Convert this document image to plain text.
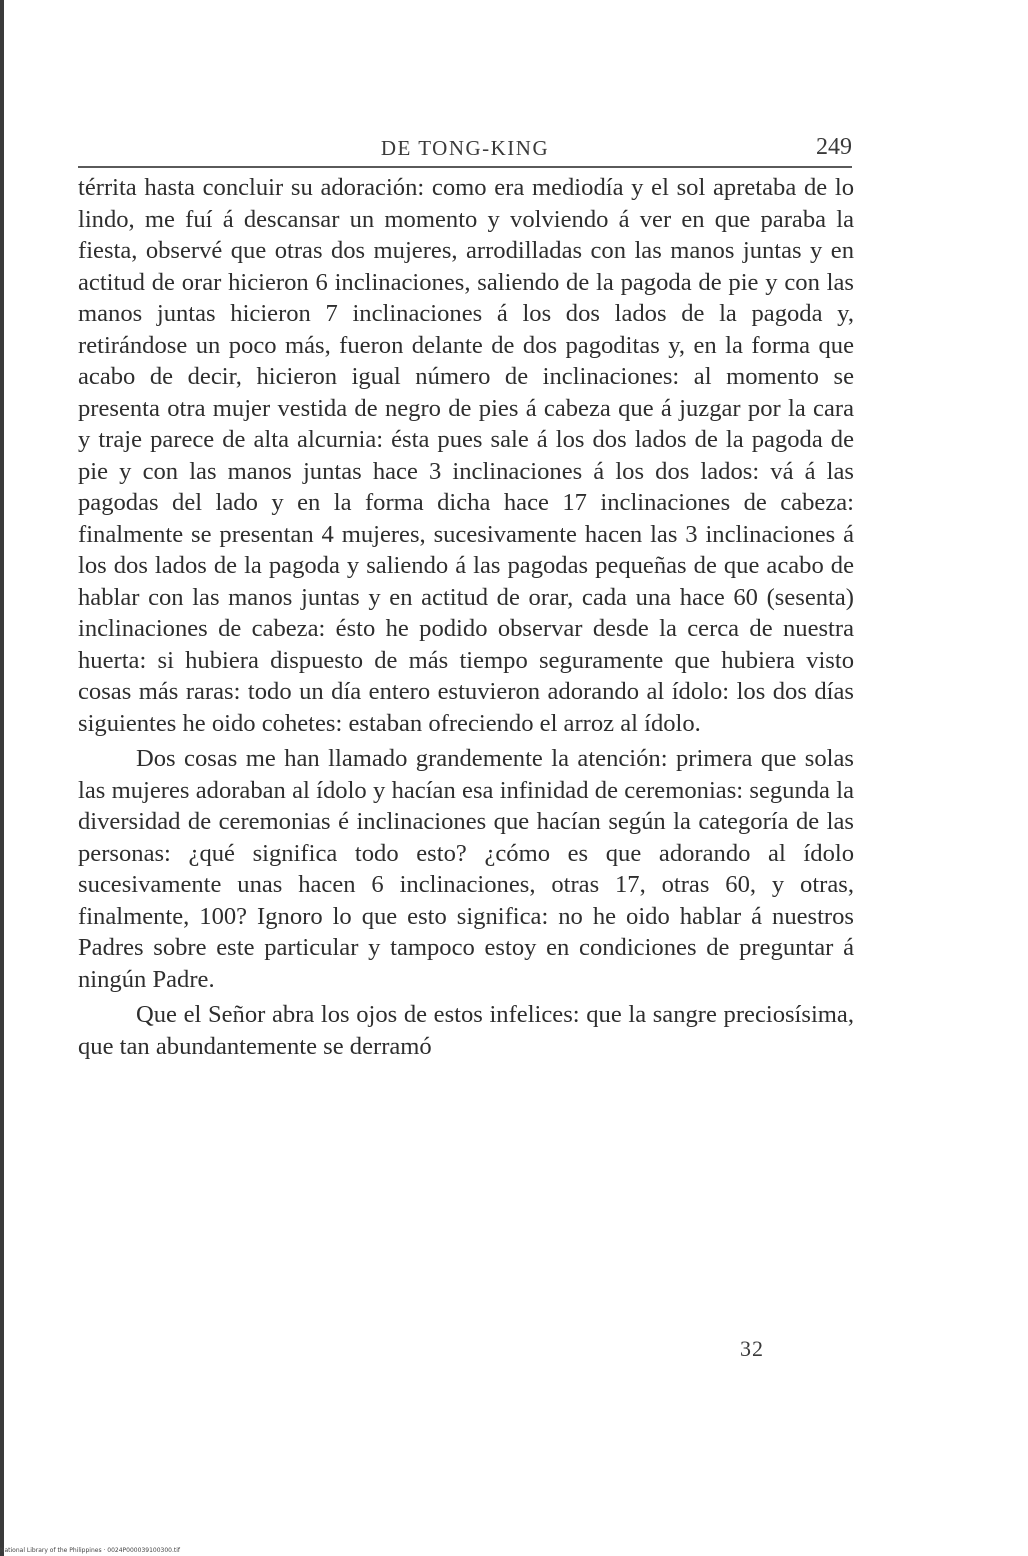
DE TONG-KING	249

térrita hasta concluir su adoración: como era mediodía y el sol apretaba de lo lindo, me fuí á descansar un momento y volviendo á ver en que paraba la fiesta, observé que otras dos mujeres, arrodilladas con las manos juntas y en actitud de orar hicieron 6 inclinaciones, saliendo de la pagoda de pie y con las manos juntas hicieron 7 inclinaciones á los dos lados de la pagoda y, retirándose un poco más, fueron delante de dos pagoditas y, en la forma que acabo de decir, hicieron igual número de inclinaciones: al momento se presenta otra mujer vestida de negro de pies á cabeza que á juzgar por la cara y traje parece de alta alcurnia: ésta pues sale á los dos lados de la pagoda de pie y con las manos juntas hace 3 inclinaciones á los dos lados: vá á las pagodas del lado y en la forma dicha hace 17 inclinaciones de cabeza: finalmente se presentan 4 mujeres, sucesivamente hacen las 3 inclinaciones á los dos lados de la pagoda y saliendo á las pagodas pequeñas de que acabo de hablar con las manos juntas y en actitud de orar, cada una hace 60 (sesenta) inclinaciones de cabeza: ésto he podido observar desde la cerca de nuestra huerta: si hubiera dispuesto de más tiempo seguramente que hubiera visto cosas más raras: todo un día entero estuvieron adorando al ídolo: los dos días siguientes he oido cohetes: estaban ofreciendo el arroz al ídolo.

Dos cosas me han llamado grandemente la atención: primera que solas las mujeres adoraban al ídolo y hacían esa infinidad de ceremonias: segunda la diversidad de ceremonias é inclinaciones que hacían según la categoría de las personas: ¿qué significa todo esto? ¿cómo es que adorando al ídolo sucesivamente unas hacen 6 inclinaciones, otras 17, otras 60, y otras, finalmente, 100? Ignoro lo que esto significa: no he oido hablar á nuestros Padres sobre este particular y tampoco estoy en condiciones de preguntar á ningún Padre.

Que el Señor abra los ojos de estos infelices: que la sangre preciosísima, que tan abundantemente se derramó

32
National Library of the Philippines · 0024P000039100300.tif
